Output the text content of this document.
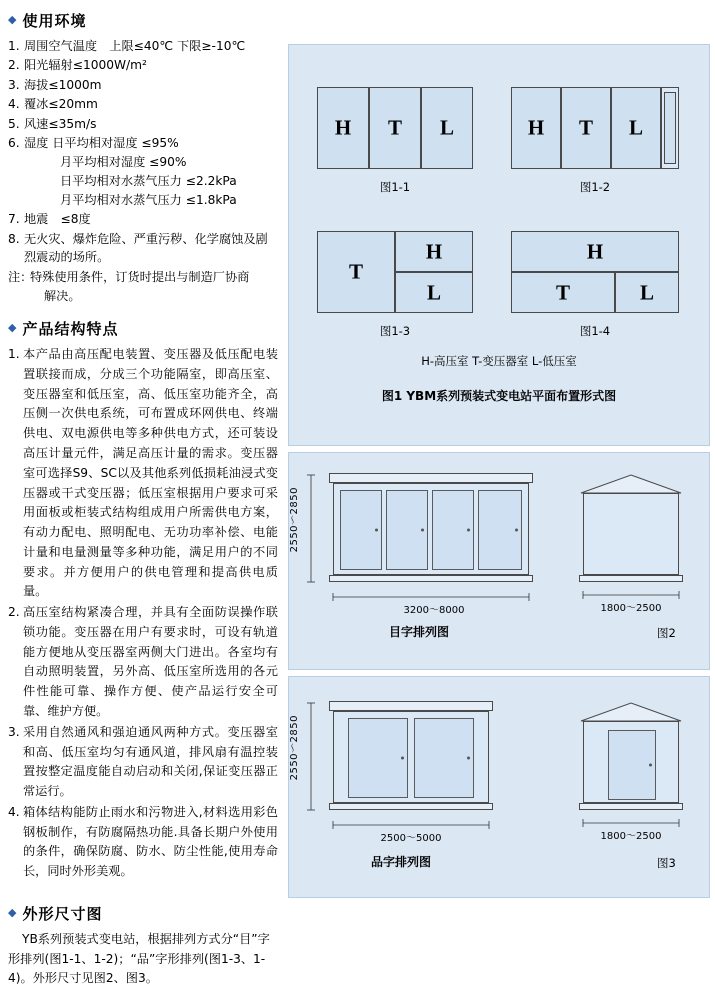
◆ 使用环境
1. 周围空气温度　上限≤40℃ 下限≥-10℃
2. 阳光辐射≤1000W/m²
3. 海拔≤1000m
4. 覆冰≤20mm
5. 风速≤35m/s
6. 湿度 日平均相对湿度 ≤95%
月平均相对湿度 ≤90%
日平均相对水蒸气压力 ≤2.2kPa
月平均相对水蒸气压力 ≤1.8kPa
7. 地震　≤8度
8. 无火灾、爆炸危险、严重污秽、化学腐蚀及剧烈震动的场所。
注：
特殊使用条件，订货时提出与制造厂协商
解决。
◆ 产品结构特点
1. 本产品由高压配电装置、变压器及低压配电装置联接而成，分成三个功能隔室，即高压室、变压器室和低压室，高、低压室功能齐全，高压侧一次供电系统，可布置成环网供电、终端供电、双电源供电等多种供电方式，还可装设高压计量元件，满足高压计量的需求。变压器室可选择S9、SC以及其他系列低损耗油浸式变压器或干式变压器；低压室根据用户要求可采用面板或柜装式结构组成用户所需供电方案，有动力配电、照明配电、无功功率补偿、电能计量和电量测量等多种功能，满足用户的不同要求。并方便用户的供电管理和提高供电质量。
2. 高压室结构紧凑合理，并具有全面防误操作联锁功能。变压器在用户有要求时，可设有轨道能方便地从变压器室两侧大门进出。各室均有自动照明装置，另外高、低压室所选用的各元件性能可靠、操作方便、使产品运行安全可靠、维护方便。
3. 采用自然通风和强迫通风两种方式。变压器室和高、低压室均匀有通风道，排风扇有温控装置按整定温度能自动启动和关闭,保证变压器正常运行。
4. 箱体结构能防止雨水和污物进入,材料选用彩色钢板制作，有防腐隔热功能.具备长期户外使用的条件，确保防腐、防水、防尘性能,使用寿命长，同时外形美观。
◆ 外形尺寸图
YB系列预装式变电站，根据排列方式分“目”字形排列(图1-1、1-2)；“品”字形排列(图1-3、1-4)。外形尺寸见图2、图3。
H	T	L
图1-1
H	T	L
图1-2
T
H
L
图1-3
H
T	L
图1-4
H-高压室 T-变压器室 L-低压室
图1 YBM系列预装式变电站平面布置形式图
2550～2850
3200～8000
目字排列图
1800～2500
图2
2550～2850
2500～5000
品字排列图
1800～2500
图3
